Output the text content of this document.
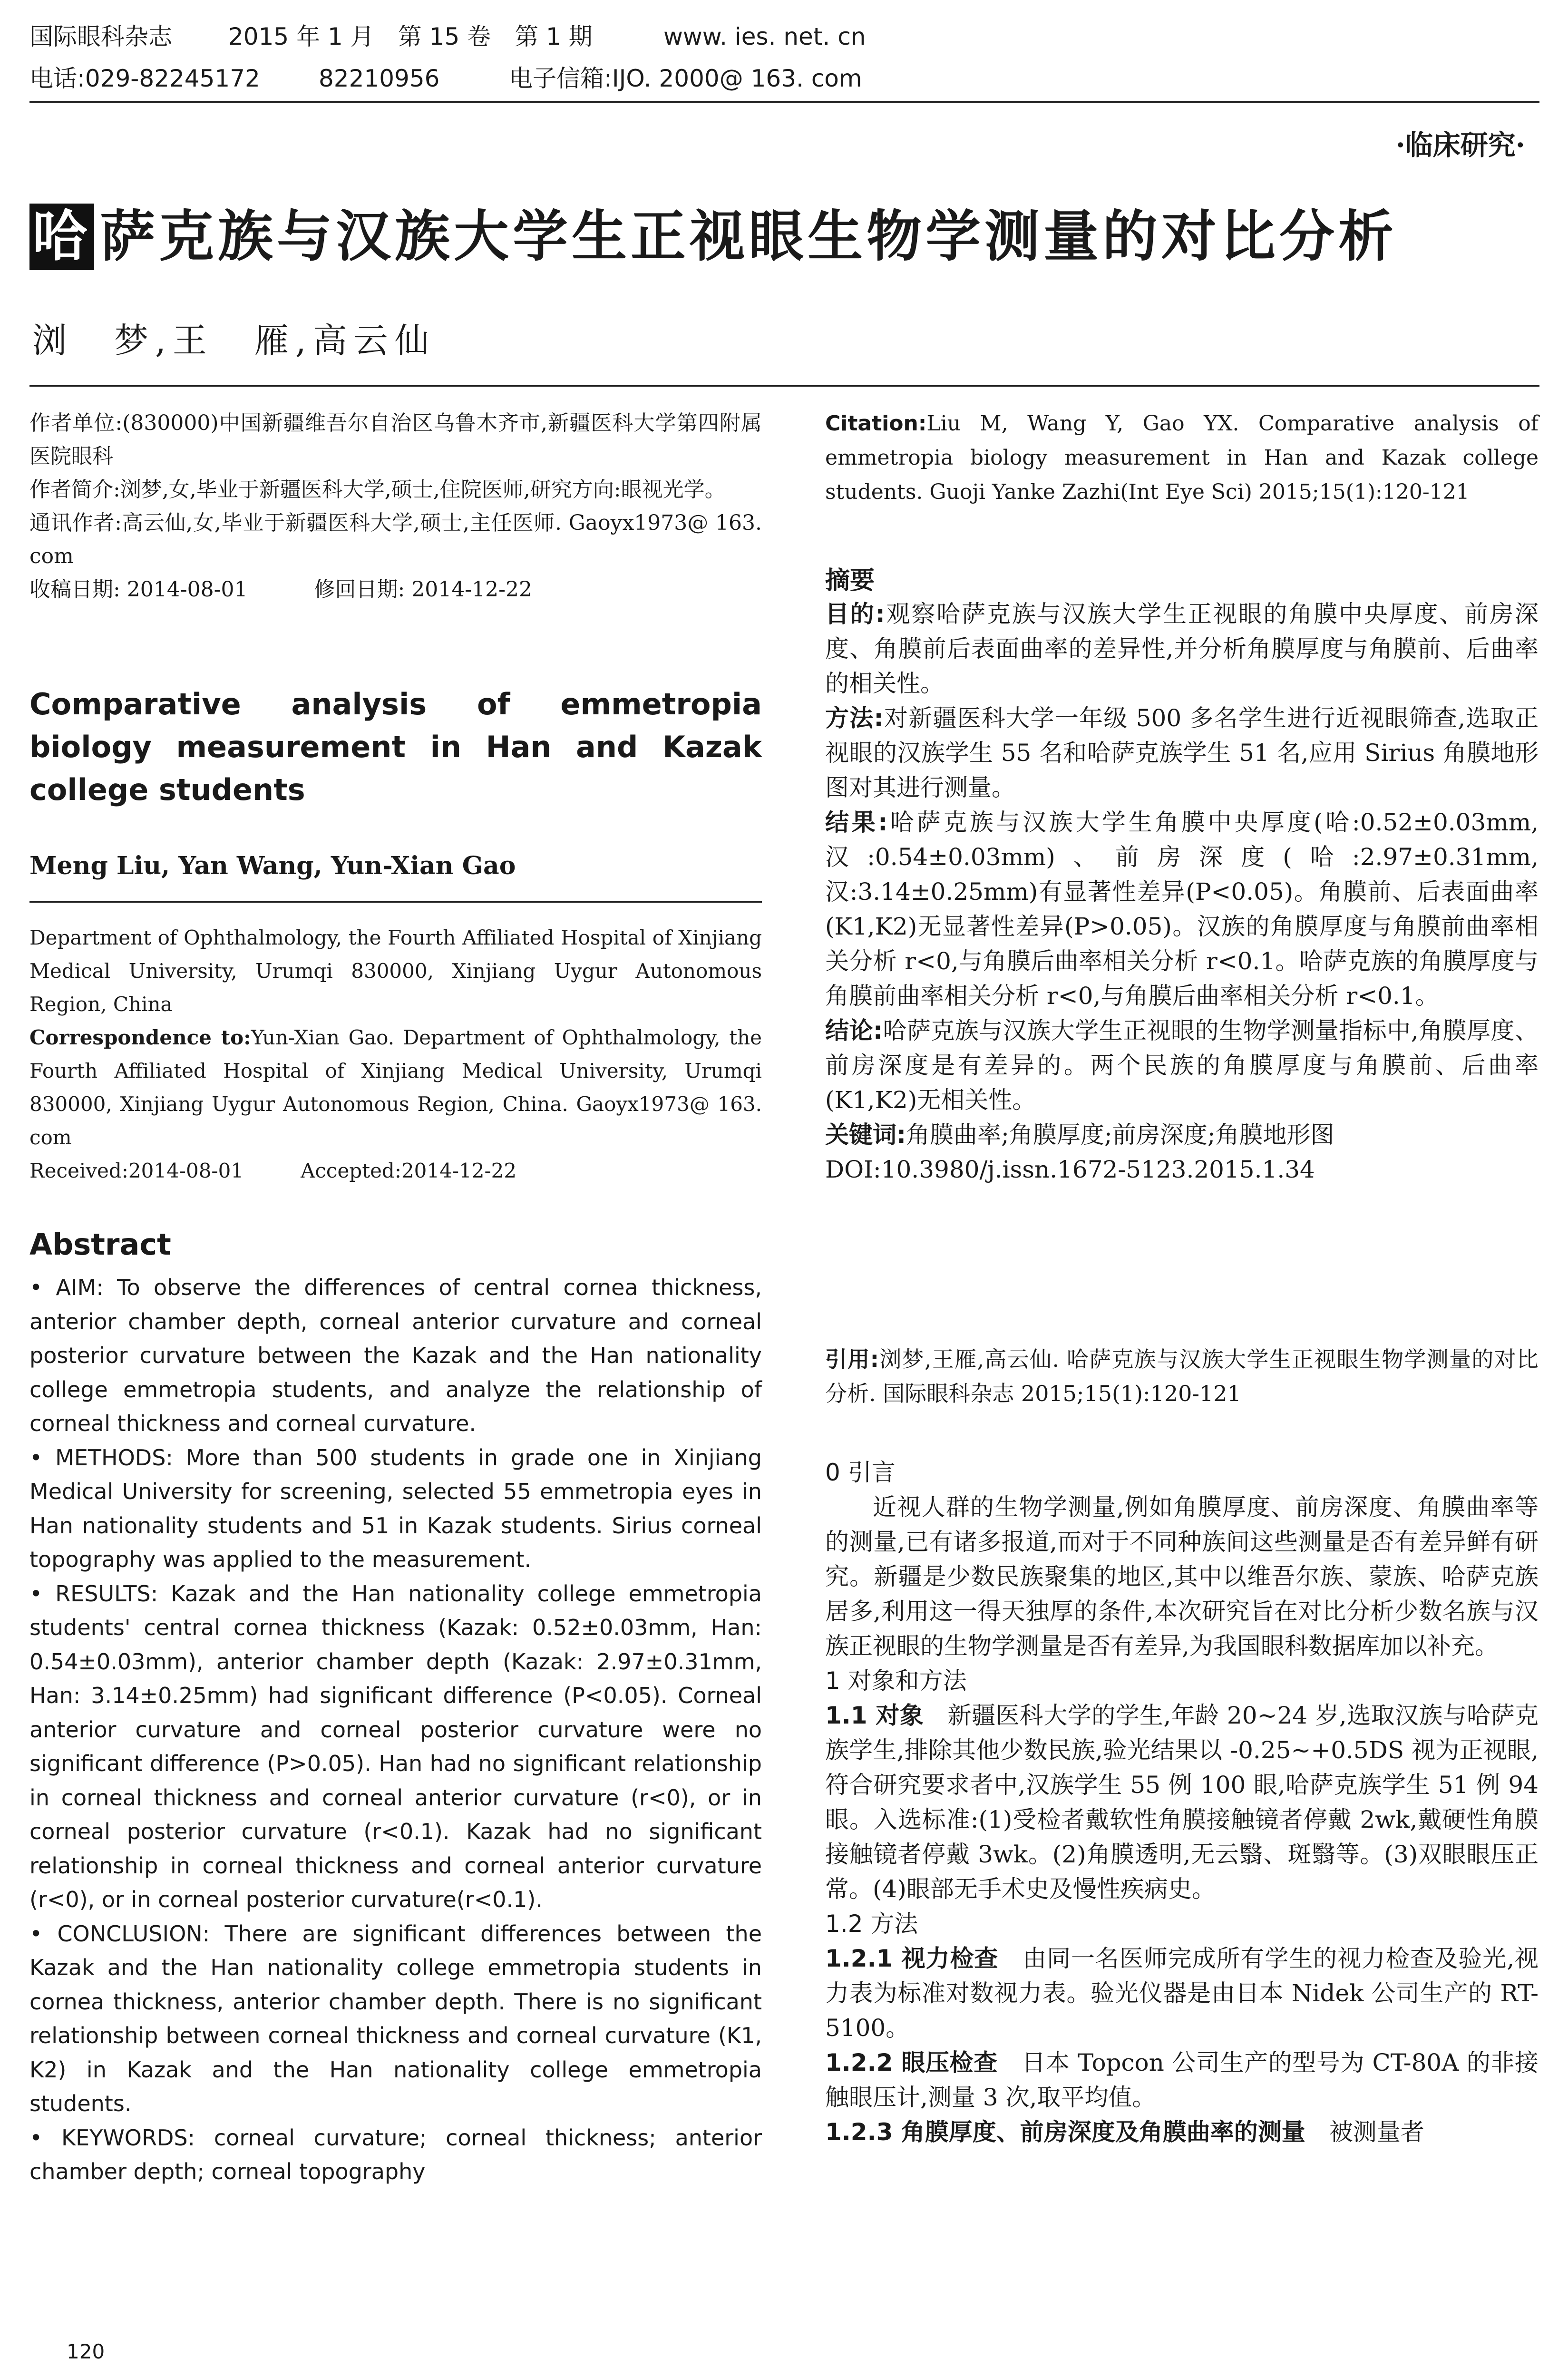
国际眼科杂志 2015 年 1 月　第 15 卷　第 1 期	www. ies. net. cn
电话:029-82245172 82210956	电子信箱:IJO. 2000@ 163. com
·临床研究·
哈 萨克族与汉族大学生正视眼生物学测量的对比分析
浏　梦,王　雁,高云仙

作者单位:(830000)中国新疆维吾尔自治区乌鲁木齐市,新疆医科大学第四附属医院眼科

作者简介:浏梦,女,毕业于新疆医科大学,硕士,住院医师,研究方向:眼视光学。

通讯作者:高云仙,女,毕业于新疆医科大学,硕士,主任医师. Gaoyx1973@ 163. com

收稿日期: 2014-08-01	修回日期: 2014-12-22

Comparative analysis of emmetropia biology measurement in Han and Kazak college students
Meng Liu, Yan Wang, Yun-Xian Gao

Department of Ophthalmology, the Fourth Affiliated Hospital of Xinjiang Medical University, Urumqi 830000, Xinjiang Uygur Autonomous Region, China

Correspondence to:Yun-Xian Gao. Department of Ophthalmology, the Fourth Affiliated Hospital of Xinjiang Medical University, Urumqi 830000, Xinjiang Uygur Autonomous Region, China. Gaoyx1973@ 163. com

Received:2014-08-01	Accepted:2014-12-22

Abstract

• AIM: To observe the differences of central cornea thickness, anterior chamber depth, corneal anterior curvature and corneal posterior curvature between the Kazak and the Han nationality college emmetropia students, and analyze the relationship of corneal thickness and corneal curvature.

• METHODS: More than 500 students in grade one in Xinjiang Medical University for screening, selected 55 emmetropia eyes in Han nationality students and 51 in Kazak students. Sirius corneal topography was applied to the measurement.

• RESULTS: Kazak and the Han nationality college emmetropia students' central cornea thickness (Kazak: 0.52±0.03mm, Han: 0.54±0.03mm), anterior chamber depth (Kazak: 2.97±0.31mm, Han: 3.14±0.25mm) had significant difference (P<0.05). Corneal anterior curvature and corneal posterior curvature were no significant difference (P>0.05). Han had no significant relationship in corneal thickness and corneal anterior curvature (r<0), or in corneal posterior curvature (r<0.1). Kazak had no significant relationship in corneal thickness and corneal anterior curvature (r<0), or in corneal posterior curvature(r<0.1).

• CONCLUSION: There are significant differences between the Kazak and the Han nationality college emmetropia students in cornea thickness, anterior chamber depth. There is no significant relationship between corneal thickness and corneal curvature (K1, K2) in Kazak and the Han nationality college emmetropia students.

• KEYWORDS: corneal curvature; corneal thickness; anterior chamber depth; corneal topography

120
Citation:Liu M, Wang Y, Gao YX. Comparative analysis of emmetropia biology measurement in Han and Kazak college students. Guoji Yanke Zazhi(Int Eye Sci) 2015;15(1):120-121
摘要

目的:观察哈萨克族与汉族大学生正视眼的角膜中央厚度、前房深度、角膜前后表面曲率的差异性,并分析角膜厚度与角膜前、后曲率的相关性。

方法:对新疆医科大学一年级 500 多名学生进行近视眼筛查,选取正视眼的汉族学生 55 名和哈萨克族学生 51 名,应用 Sirius 角膜地形图对其进行测量。

结果:哈萨克族与汉族大学生角膜中央厚度(哈:0.52±0.03mm,汉:0.54±0.03mm)、前房深度(哈:2.97±0.31mm,汉:3.14±0.25mm)有显著性差异(P<0.05)。角膜前、后表面曲率(K1,K2)无显著性差异(P>0.05)。汉族的角膜厚度与角膜前曲率相关分析 r<0,与角膜后曲率相关分析 r<0.1。哈萨克族的角膜厚度与角膜前曲率相关分析 r<0,与角膜后曲率相关分析 r<0.1。

结论:哈萨克族与汉族大学生正视眼的生物学测量指标中,角膜厚度、前房深度是有差异的。两个民族的角膜厚度与角膜前、后曲率(K1,K2)无相关性。

关键词:角膜曲率;角膜厚度;前房深度;角膜地形图

DOI:10.3980/j.issn.1672-5123.2015.1.34

引用:浏梦,王雁,高云仙. 哈萨克族与汉族大学生正视眼生物学测量的对比分析. 国际眼科杂志 2015;15(1):120-121

0 引言

近视人群的生物学测量,例如角膜厚度、前房深度、角膜曲率等的测量,已有诸多报道,而对于不同种族间这些测量是否有差异鲜有研究。新疆是少数民族聚集的地区,其中以维吾尔族、蒙族、哈萨克族居多,利用这一得天独厚的条件,本次研究旨在对比分析少数名族与汉族正视眼的生物学测量是否有差异,为我国眼科数据库加以补充。

1 对象和方法

1.1 对象　 新疆医科大学的学生,年龄 20~24 岁,选取汉族与哈萨克族学生,排除其他少数民族,验光结果以 -0.25~+0.5DS 视为正视眼,符合研究要求者中,汉族学生 55 例 100 眼,哈萨克族学生 51 例 94 眼。入选标准:(1)受检者戴软性角膜接触镜者停戴 2wk,戴硬性角膜接触镜者停戴 3wk。(2)角膜透明,无云翳、斑翳等。(3)双眼眼压正常。(4)眼部无手术史及慢性疾病史。

1.2 方法

1.2.1 视力检查　 由同一名医师完成所有学生的视力检查及验光,视力表为标准对数视力表。验光仪器是由日本 Nidek 公司生产的 RT-5100。

1.2.2 眼压检查　 日本 Topcon 公司生产的型号为 CT-80A 的非接触眼压计,测量 3 次,取平均值。

1.2.3 角膜厚度、前房深度及角膜曲率的测量　 被测量者
